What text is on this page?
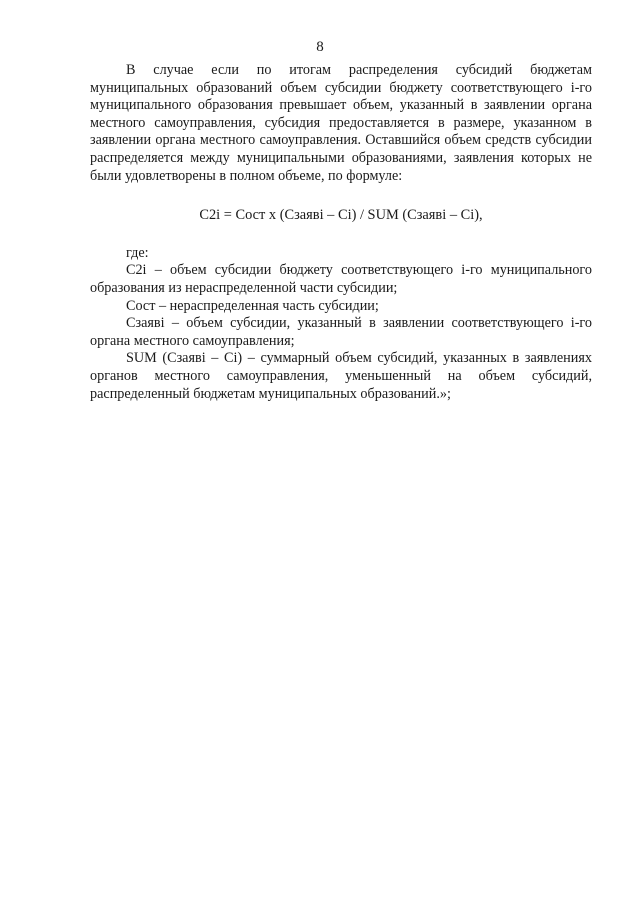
8

В случае если по итогам распределения субсидий бюджетам муниципальных образований объем субсидии бюджету соответствующего i-го муниципального образования превышает объем, указанный в заявлении органа местного самоуправления, субсидия предоставляется в размере, указанном в заявлении органа местного самоуправления. Оставшийся объем средств субсидии распределяется между муниципальными образованиями, заявления которых не были удовлетворены в полном объеме, по формуле:

С2i = Сост x (Сзаявi – Сi) / SUM (Сзаявi – Сi),

где:

С2i – объем субсидии бюджету соответствующего i-го муниципального образования из нераспределенной части субсидии;

Сост – нераспределенная часть субсидии;

Сзаявi – объем субсидии, указанный в заявлении соответствующего i-го органа местного самоуправления;

SUM (Сзаявi – Сi) – суммарный объем субсидий, указанных в заявлениях органов местного самоуправления, уменьшенный на объем субсидий, распределенный бюджетам муниципальных образований.»;
